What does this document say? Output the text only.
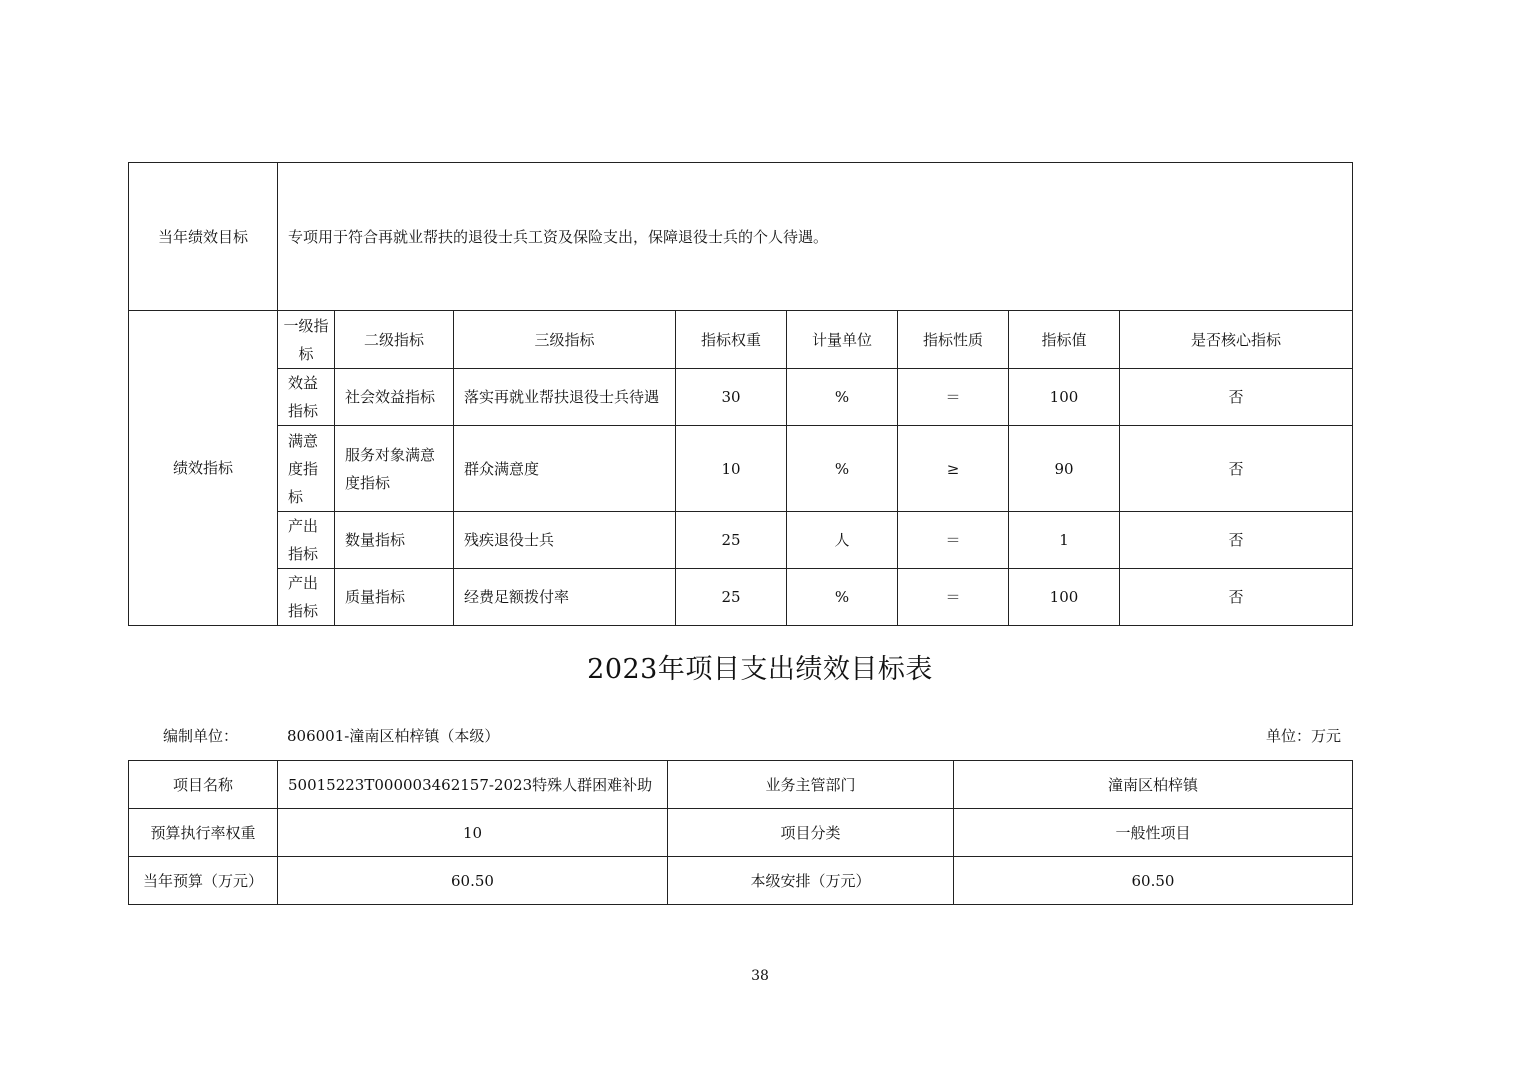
当年绩效目标	专项用于符合再就业帮扶的退役士兵工资及保险支出，保障退役士兵的个人待遇。							
绩效指标	一级指标	二级指标	三级指标	指标权重	计量单位	指标性质	指标值	是否核心指标
	效益指标	社会效益指标	落实再就业帮扶退役士兵待遇	30	%	＝	100	否
	满意度指标	服务对象满意度指标	群众满意度	10	%	≥	90	否
	产出指标	数量指标	残疾退役士兵	25	人	＝	1	否
	产出指标	质量指标	经费足额拨付率	25	%	＝	100	否
2023年项目支出绩效目标表
编制单位：	806001-潼南区柏梓镇（本级）	单位：万元
项目名称	50015223T000003462157-2023特殊人群困难补助	业务主管部门	潼南区柏梓镇
预算执行率权重	10	项目分类	一般性项目
当年预算（万元）	60.50	本级安排（万元）	60.50
38
